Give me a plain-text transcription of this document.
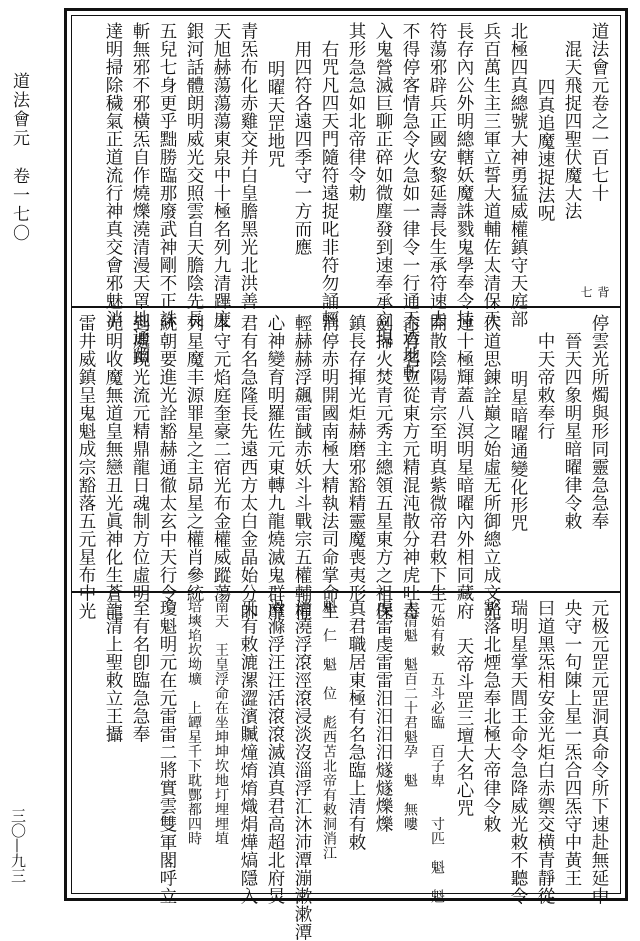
道法會元　卷一七〇
三〇—九三
道法會元卷之一百七十
混天飛捉四聖伏魔大法
四真追魔速捉法呪
北極四真總號大神勇猛威權鎮守天庭部
兵百萬生主三軍立誓大道輔佐太清保天
長存內公外明總轄妖魔誅戮鬼學奉令持
符蕩邪辟兵正國安黎延壽長生承符速去
不得停客情急令火急如一律令一行通天透地斬
入鬼營滅巨聊正碎如微塵發到速奉承立現
其形急急如北帝律令勅
右咒凡四天門隨符遠捉叱非符勿誦輕
用四符各遠四季守一方而應
明曜天罡地咒
青炁布化赤雞交并白皇膽黑光北洪善
天旭赫蕩蕩蕩東泉中十極名列九清蹕度
銀河話體朗明威光交照雲自天膽陰先長
五兒七身更乎黜勝臨那廢武神剛不正誅
斬無邪不邪橫炁自作燒爍澆清漫天罩地通幽
達明掃除穢氣正道流行神真交會邪魅消	背七
停雲光所燭與形同靈急急奉
晉天四象明星暗曜律令敕
中天帝敕奉行
明星暗曜通變化形咒
伏道思錬詮巔之始虛无所御總立成文光
連十極輝蓋八溟明星暗曜內外相同藏府
開散陰陽青宗至明真紫微帝君敕下生
命有名立從東方元精混沌散分神虎吐毒
劍掃火焚青元秀主總領五星東方之祖保
鎮長存揮光炬赫磨邪豁精靈魔喪夷形
消停赤明開國南極大精執法司命掌命生
輕赫赫浮飆雷馘赤妖斗斗戰宗五權輔權
心神變育明羅佐元東轉九龍燒滅鬼群靡
君有名急隆長先遠西方太白金晶始分帥
本守元焰庭奎豪二宿光布金權威蹤蕩
列星魔丰源罪星之主昴星之權肖參統
統朝要進光詮豁赫通徹太玄中天行令
到處現光流元精鼎龍日魂制方位虛明
光明收魔無道皇無戀丑光眞神化生蒼龍
雷井威鎮呈鬼魁成宗豁落五元星布中光
元极元罡元罡洞真命令所下速赴無延中
央守一句陳上星一炁合四炁守中黃王
曰道黑炁相安金光炬白赤禦交横青靜從
瑞明星掌天閭王命令急降威光敕不聽令
豁落北煙急奉北極大帝律令敕
天帝斗罡三壇大名心咒
元始有敕　五斗必臨　百子卑　　寸匹　魁　魁
太清魁　魁百二十君魁孕　魁　無嘍
虔雷虔雷雷汨汨汨汨燧燧爍爍
真君職居東極有名急臨上清有敕
魁　仁　魁　位　彪西苫北帝有敕洞消江
消澆浮滾涇滾浸淡沒淄浮汇沐沛潭漰漱漱潭
滑滌浮汪汪活滾滾滅滇真君高超北府炅
天有敕漉漯澀濱贓燑焴焴熾焆燁熇隱入
南天　王皇浮命在坐坤坤坎地圢埋埋埴
培塽埳坎坳壙　上罈星千下耽酆都四時
瓊魁明元在元雷雷二將實雲雙軍閣呼立
至有名卽臨急急奉
三清上聖敕立王攝
